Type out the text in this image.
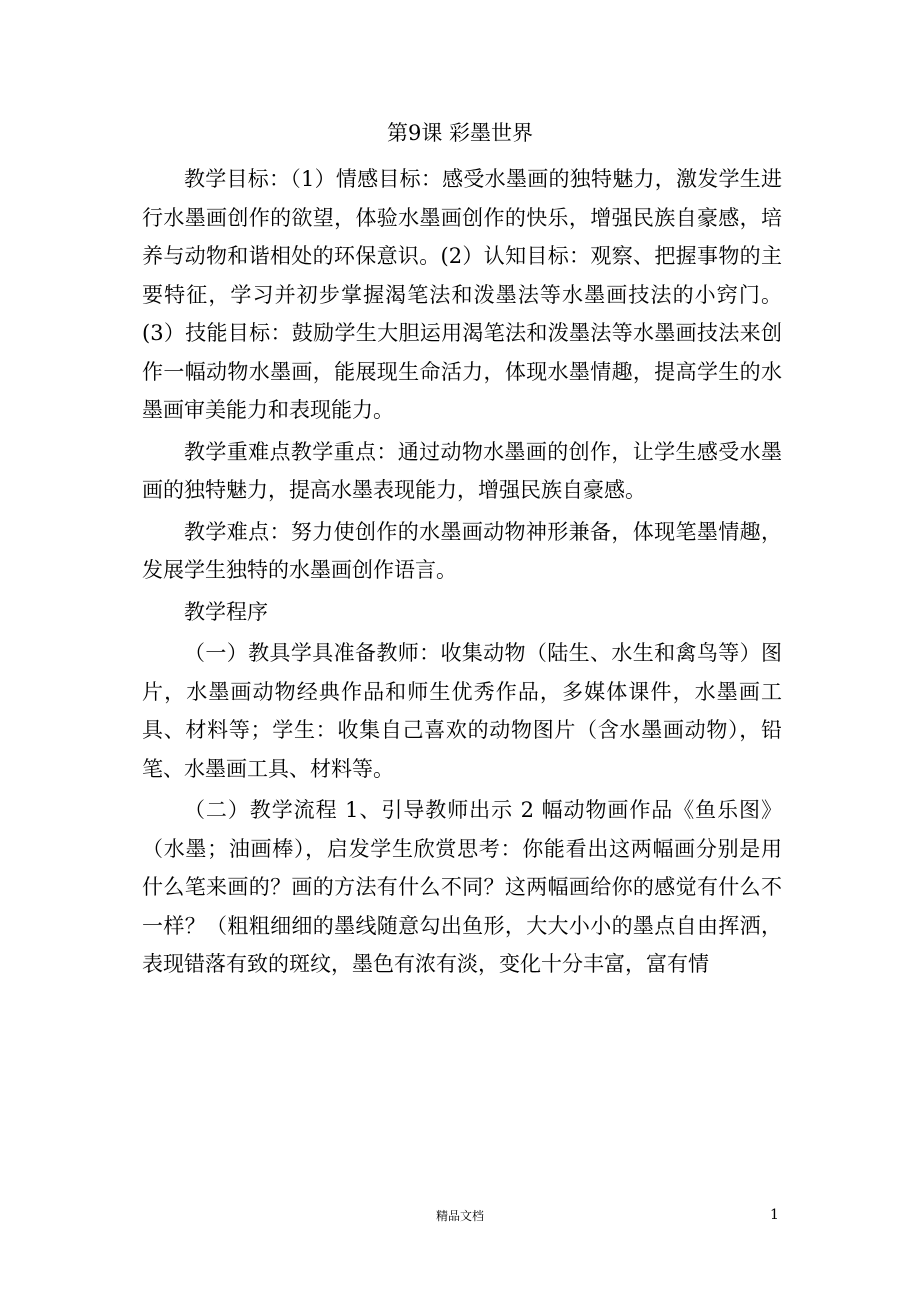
第9课 彩墨世界

教学目标：（1）情感目标：感受水墨画的独特魅力，激发学生进行水墨画创作的欲望，体验水墨画创作的快乐，增强民族自豪感，培养与动物和谐相处的环保意识。(2）认知目标：观察、把握事物的主要特征，学习并初步掌握渴笔法和泼墨法等水墨画技法的小窍门。(3）技能目标：鼓励学生大胆运用渴笔法和泼墨法等水墨画技法来创作一幅动物水墨画，能展现生命活力，体现水墨情趣，提高学生的水墨画审美能力和表现能力。

教学重难点教学重点：通过动物水墨画的创作，让学生感受水墨画的独特魅力，提高水墨表现能力，增强民族自豪感。

教学难点：努力使创作的水墨画动物神形兼备，体现笔墨情趣，发展学生独特的水墨画创作语言。

教学程序

（一）教具学具准备教师：收集动物（陆生、水生和禽鸟等）图片，水墨画动物经典作品和师生优秀作品，多媒体课件，水墨画工具、材料等；学生：收集自己喜欢的动物图片（含水墨画动物），铅笔、水墨画工具、材料等。

（二）教学流程 1、引导教师出示 2 幅动物画作品《鱼乐图》（水墨；油画棒），启发学生欣赏思考：你能看出这两幅画分别是用什么笔来画的？画的方法有什么不同？这两幅画给你的感觉有什么不一样？（粗粗细细的墨线随意勾出鱼形，大大小小的墨点自由挥洒，表现错落有致的斑纹，墨色有浓有淡，变化十分丰富，富有情

精品文档	1
